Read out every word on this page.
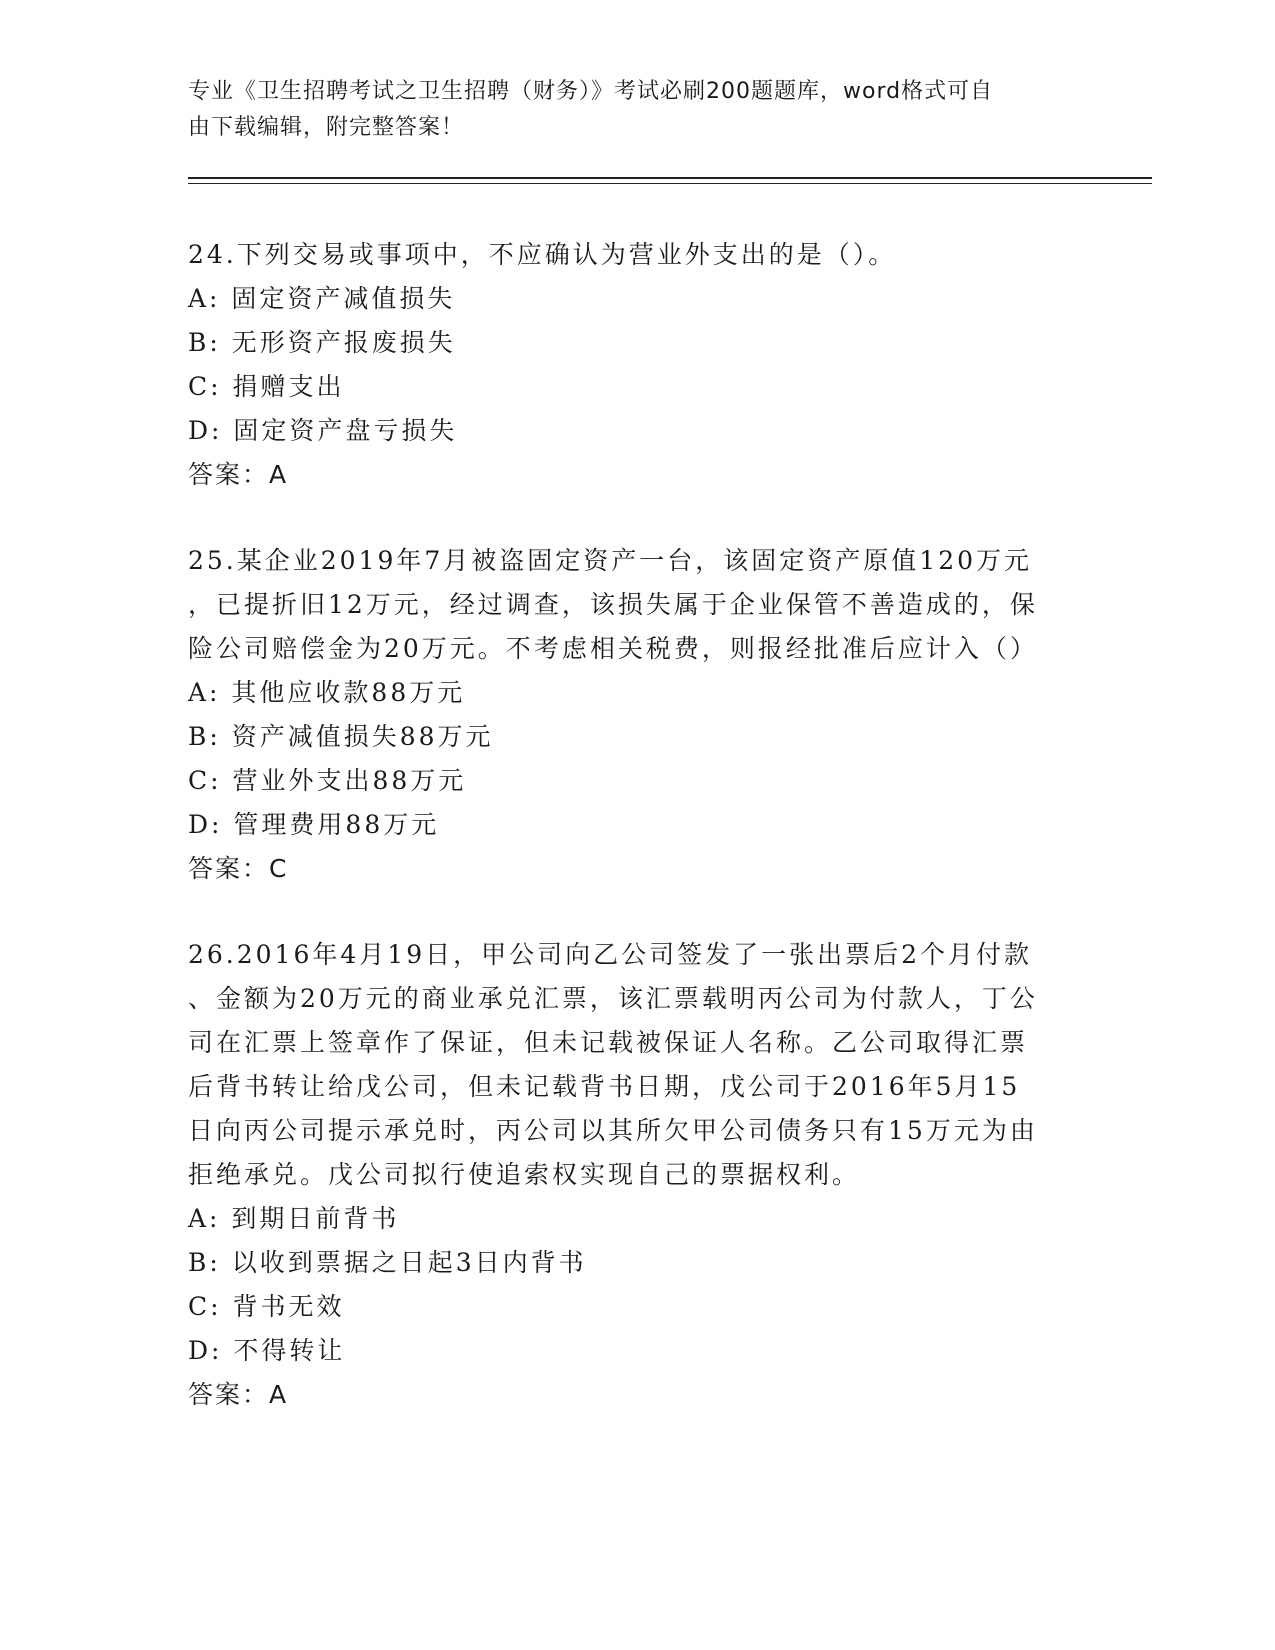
专业《卫生招聘考试之卫生招聘（财务）》考试必刷200题题库，word格式可自
由下载编辑，附完整答案！

24.下列交易或事项中，不应确认为营业外支出的是（）。

A: 固定资产减值损失

B: 无形资产报废损失

C: 捐赠支出

D: 固定资产盘亏损失

答案：A

25.某企业2019年7月被盗固定资产一台，该固定资产原值120万元

，已提折旧12万元，经过调查，该损失属于企业保管不善造成的，保

险公司赔偿金为20万元。不考虑相关税费，则报经批准后应计入（）

A: 其他应收款88万元

B: 资产减值损失88万元

C: 营业外支出88万元

D: 管理费用88万元

答案：C

26.2016年4月19日，甲公司向乙公司签发了一张出票后2个月付款

、金额为20万元的商业承兑汇票，该汇票载明丙公司为付款人，丁公

司在汇票上签章作了保证，但未记载被保证人名称。乙公司取得汇票

后背书转让给戊公司，但未记载背书日期，戊公司于2016年5月15

日向丙公司提示承兑时，丙公司以其所欠甲公司债务只有15万元为由

拒绝承兑。戊公司拟行使追索权实现自己的票据权利。

A: 到期日前背书

B: 以收到票据之日起3日内背书

C: 背书无效

D: 不得转让

答案：A
